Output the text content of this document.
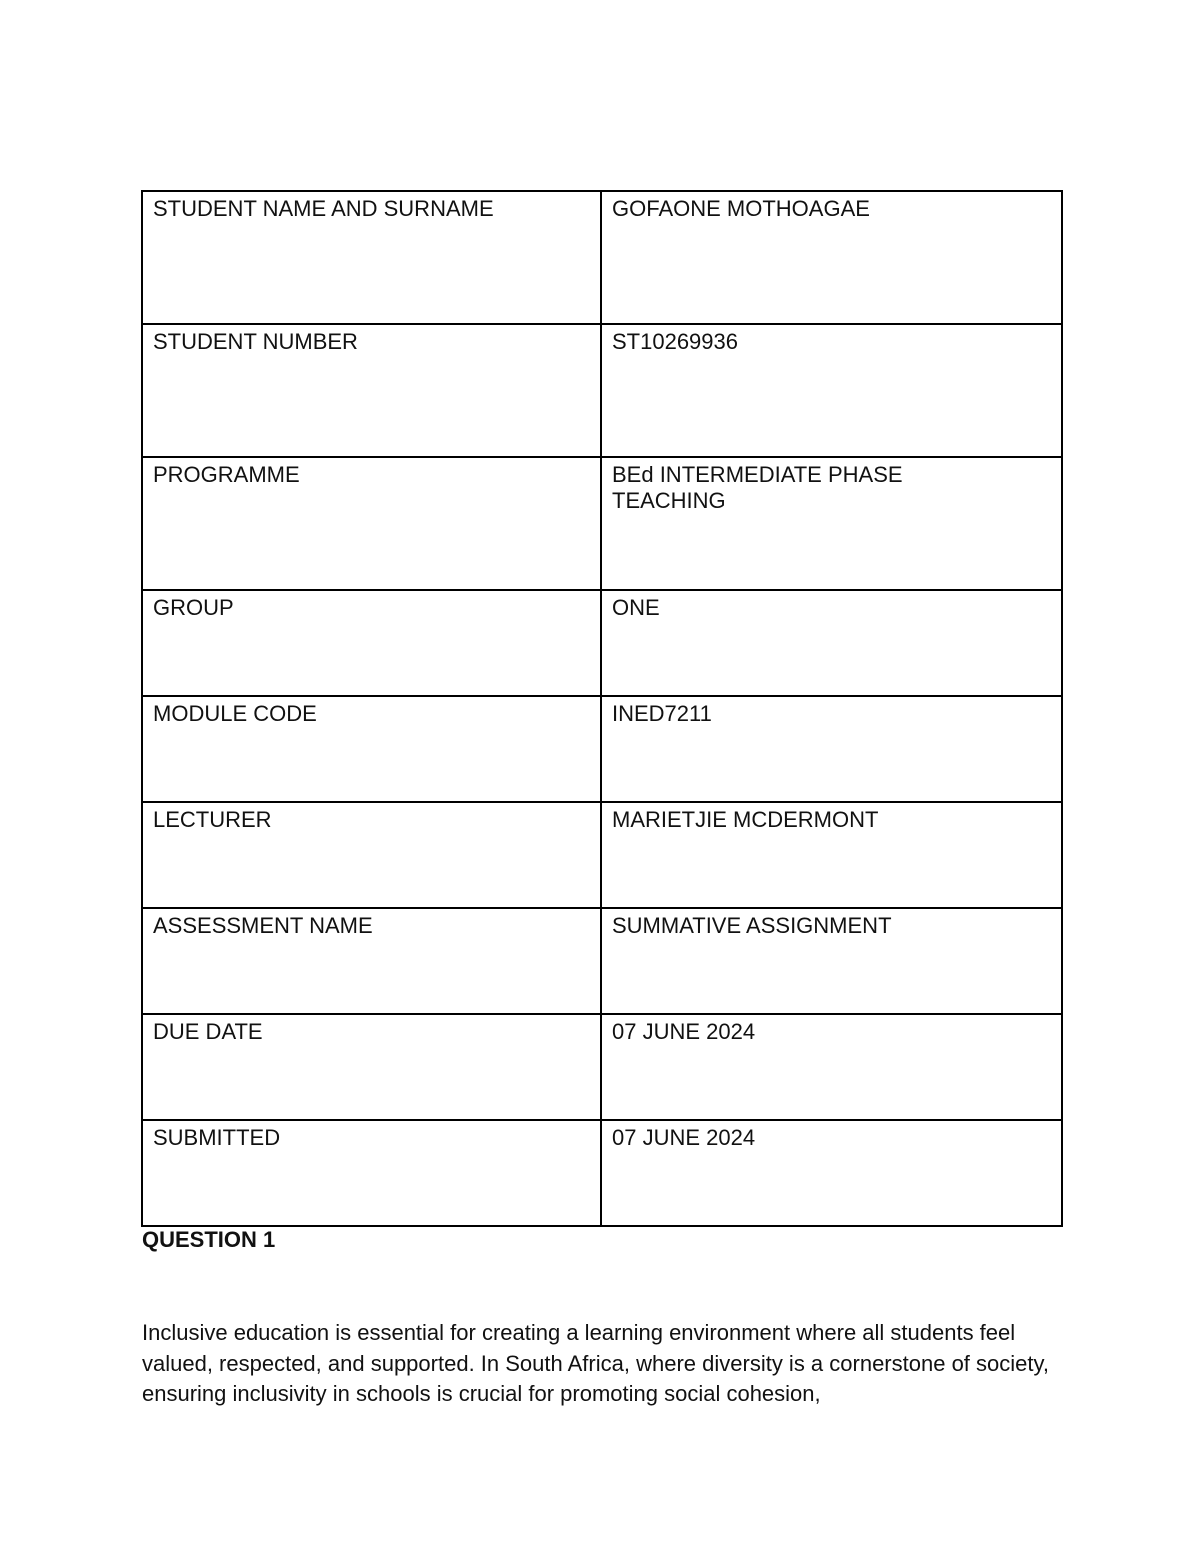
STUDENT NAME AND SURNAME	GOFAONE MOTHOAGAE
STUDENT NUMBER	ST10269936
PROGRAMME	BEd INTERMEDIATE PHASE TEACHING
GROUP	ONE
MODULE CODE	INED7211
LECTURER	MARIETJIE MCDERMONT
ASSESSMENT NAME	SUMMATIVE ASSIGNMENT
DUE DATE	07 JUNE 2024
SUBMITTED	07 JUNE 2024
QUESTION 1

Inclusive education is essential for creating a learning environment where all students feel valued, respected, and supported. In South Africa, where diversity is a cornerstone of society, ensuring inclusivity in schools is crucial for promoting social cohesion,
